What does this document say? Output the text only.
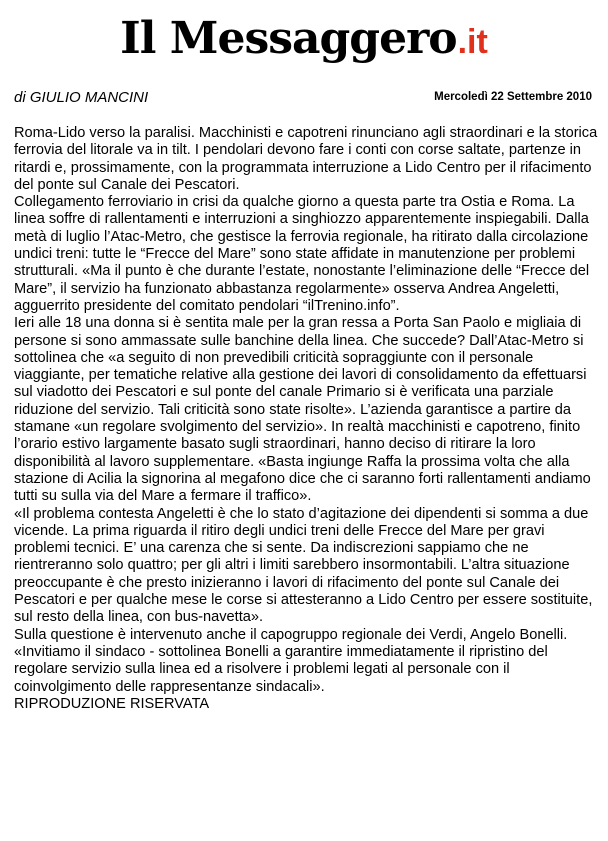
Il Messaggero.it
di GIULIO MANCINI	Mercoledì 22 Settembre 2010

Roma-Lido verso la paralisi. Macchinisti e capotreni rinunciano agli straordinari e la storica ferrovia del litorale va in tilt. I pendolari devono fare i conti con corse saltate, partenze in ritardi e, prossimamente, con la programmata interruzione a Lido Centro per il rifacimento del ponte sul Canale dei Pescatori.

Collegamento ferroviario in crisi da qualche giorno a questa parte tra Ostia e Roma. La linea soffre di rallentamenti e interruzioni a singhiozzo apparentemente inspiegabili. Dalla metà di luglio l’Atac-Metro, che gestisce la ferrovia regionale, ha ritirato dalla circolazione undici treni: tutte le “Frecce del Mare” sono state affidate in manutenzione per problemi strutturali. «Ma il punto è che durante l’estate, nonostante l’eliminazione delle “Frecce del Mare”, il servizio ha funzionato abbastanza regolarmente» osserva Andrea Angeletti, agguerrito presidente del comitato pendolari “ilTrenino.info”.

Ieri alle 18 una donna si è sentita male per la gran ressa a Porta San Paolo e migliaia di persone si sono ammassate sulle banchine della linea. Che succede? Dall’Atac-Metro si sottolinea che «a seguito di non prevedibili criticità sopraggiunte con il personale viaggiante, per tematiche relative alla gestione dei lavori di consolidamento da effettuarsi sul viadotto dei Pescatori e sul ponte del canale Primario si è verificata una parziale riduzione del servizio. Tali criticità sono state risolte». L’azienda garantisce a partire da stamane «un regolare svolgimento del servizio». In realtà macchinisti e capotreno, finito l’orario estivo largamente basato sugli straordinari, hanno deciso di ritirare la loro disponibilità al lavoro supplementare. «Basta ingiunge Raffa la prossima volta che alla stazione di Acilia la signorina al megafono dice che ci saranno forti rallentamenti andiamo tutti su sulla via del Mare a fermare il traffico».

«Il problema contesta Angeletti è che lo stato d’agitazione dei dipendenti si somma a due vicende. La prima riguarda il ritiro degli undici treni delle Frecce del Mare per gravi problemi tecnici. E’ una carenza che si sente. Da indiscrezioni sappiamo che ne rientreranno solo quattro; per gli altri i limiti sarebbero insormontabili. L’altra situazione preoccupante è che presto inizieranno i lavori di rifacimento del ponte sul Canale dei Pescatori e per qualche mese le corse si attesteranno a Lido Centro per essere sostituite, sul resto della linea, con bus-navetta».

Sulla questione è intervenuto anche il capogruppo regionale dei Verdi, Angelo Bonelli. «Invitiamo il sindaco - sottolinea Bonelli a garantire immediatamente il ripristino del regolare servizio sulla linea ed a risolvere i problemi legati al personale con il coinvolgimento delle rappresentanze sindacali».

RIPRODUZIONE RISERVATA
